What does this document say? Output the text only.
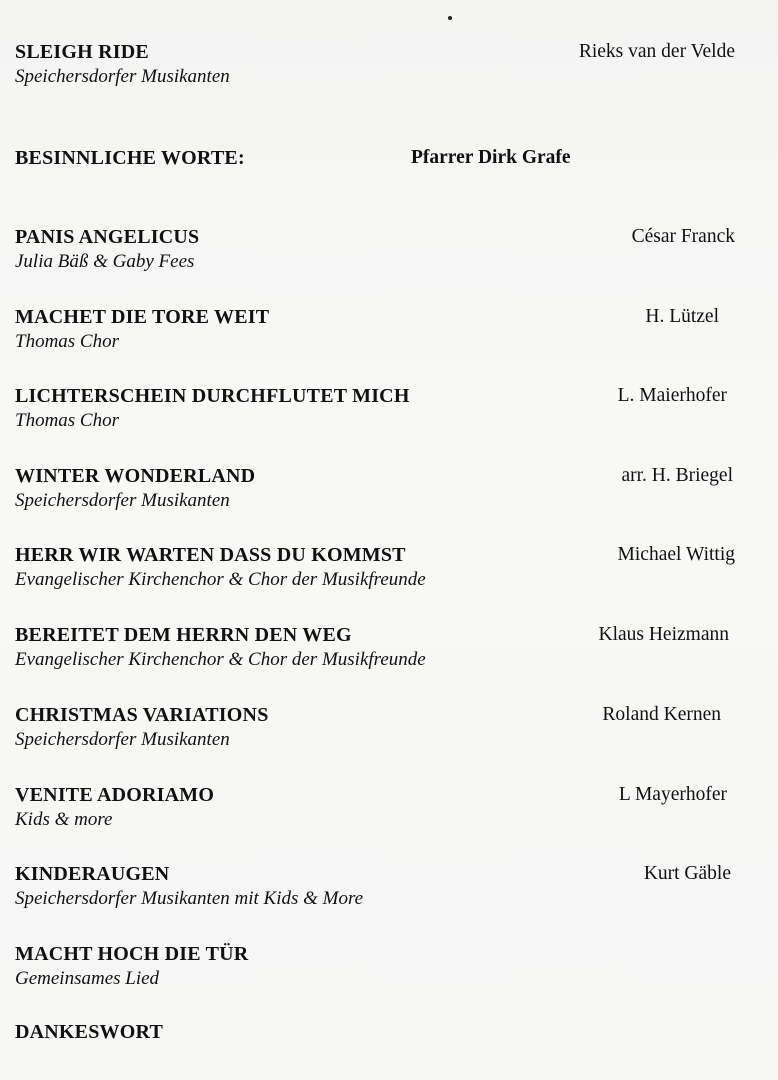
SLEIGH RIDE
Speichersdorfer Musikanten
Rieks van der Velde
BESINNLICHE WORTE:	Pfarrer Dirk Grafe
PANIS ANGELICUS
Julia Bäß & Gaby Fees
César Franck
MACHET DIE TORE WEIT
Thomas Chor
H. Lützel
LICHTERSCHEIN DURCHFLUTET MICH
Thomas Chor
L. Maierhofer
WINTER WONDERLAND
Speichersdorfer Musikanten
arr. H. Briegel
HERR WIR WARTEN DASS DU KOMMST
Evangelischer Kirchenchor & Chor der Musikfreunde
Michael Wittig
BEREITET DEM HERRN DEN WEG
Evangelischer Kirchenchor & Chor der Musikfreunde
Klaus Heizmann
CHRISTMAS VARIATIONS
Speichersdorfer Musikanten
Roland Kernen
VENITE ADORIAMO
Kids & more
L Mayerhofer
KINDERAUGEN
Speichersdorfer Musikanten mit Kids & More
Kurt Gäble
MACHT HOCH DIE TÜR
Gemeinsames Lied
DANKESWORT
